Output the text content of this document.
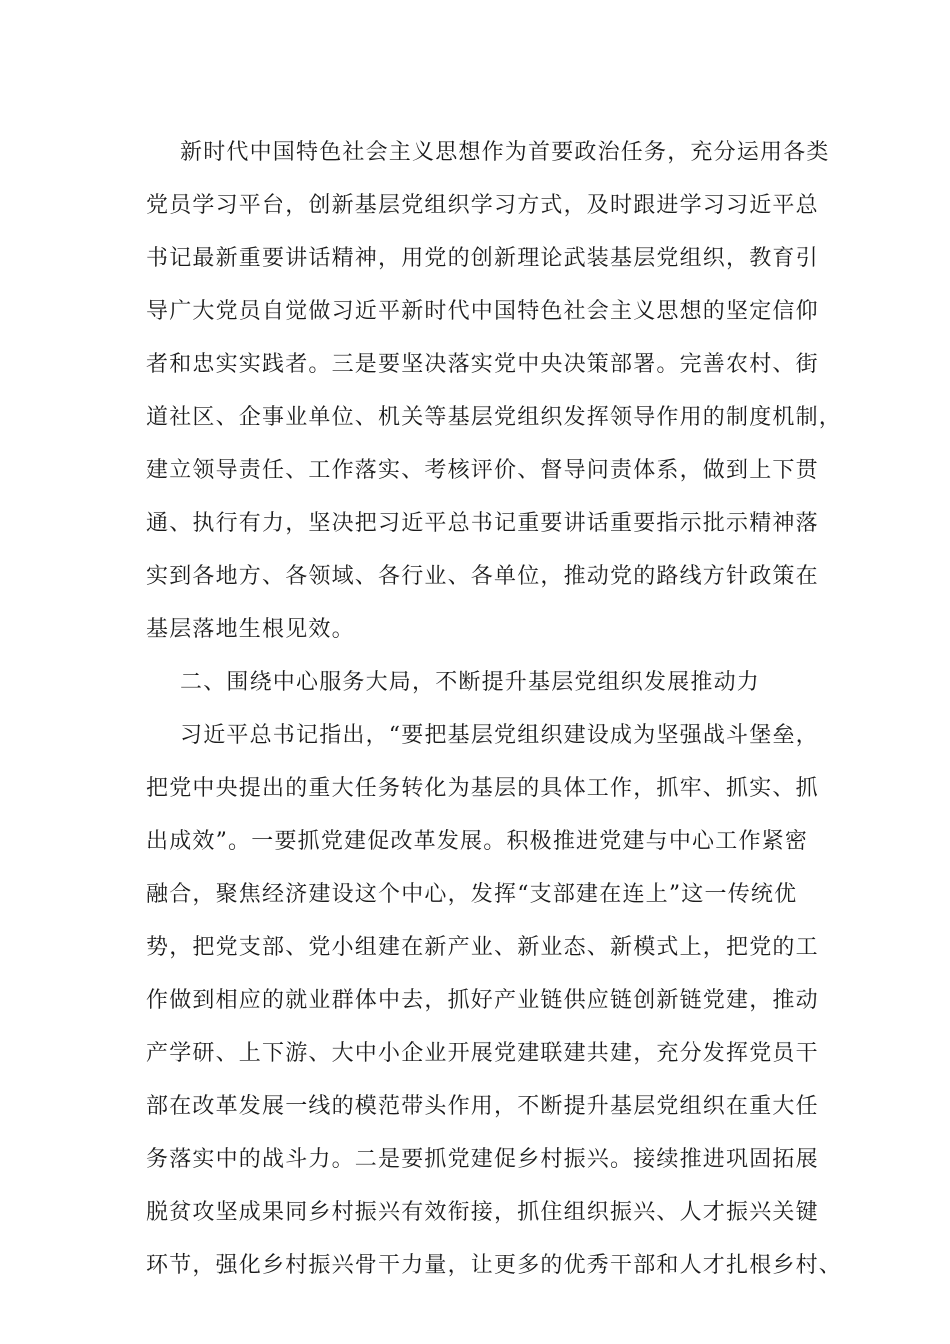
新时代中国特色社会主义思想作为首要政治任务，充分运用各类
党员学习平台，创新基层党组织学习方式，及时跟进学习习近平总
书记最新重要讲话精神，用党的创新理论武装基层党组织，教育引
导广大党员自觉做习近平新时代中国特色社会主义思想的坚定信仰
者和忠实实践者。三是要坚决落实党中央决策部署。完善农村、街
道社区、企事业单位、机关等基层党组织发挥领导作用的制度机制，
建立领导责任、工作落实、考核评价、督导问责体系，做到上下贯
通、执行有力，坚决把习近平总书记重要讲话重要指示批示精神落
实到各地方、各领域、各行业、各单位，推动党的路线方针政策在
基层落地生根见效。
二、围绕中心服务大局，不断提升基层党组织发展推动力
习近平总书记指出，“要把基层党组织建设成为坚强战斗堡垒，
把党中央提出的重大任务转化为基层的具体工作，抓牢、抓实、抓
出成效”。一要抓党建促改革发展。积极推进党建与中心工作紧密
融合，聚焦经济建设这个中心，发挥“支部建在连上”这一传统优
势，把党支部、党小组建在新产业、新业态、新模式上，把党的工
作做到相应的就业群体中去，抓好产业链供应链创新链党建，推动
产学研、上下游、大中小企业开展党建联建共建，充分发挥党员干
部在改革发展一线的模范带头作用，不断提升基层党组织在重大任
务落实中的战斗力。二是要抓党建促乡村振兴。接续推进巩固拓展
脱贫攻坚成果同乡村振兴有效衔接，抓住组织振兴、人才振兴关键
环节，强化乡村振兴骨干力量，让更多的优秀干部和人才扎根乡村、
